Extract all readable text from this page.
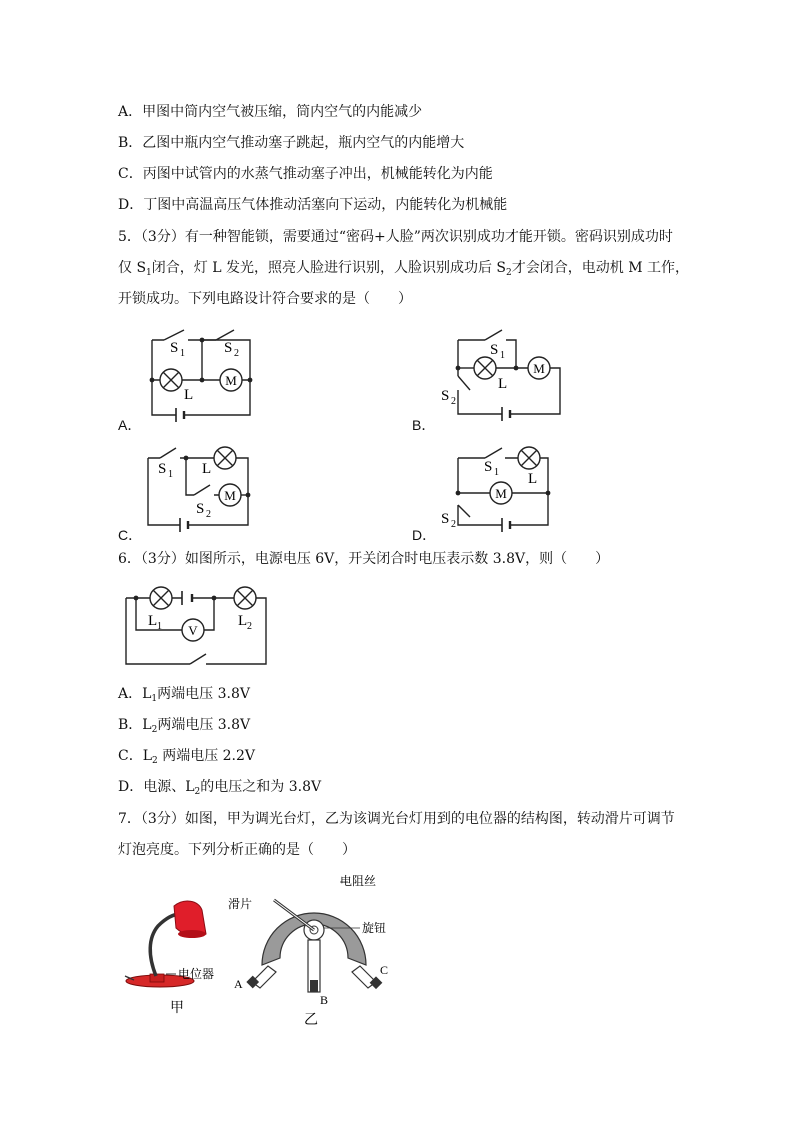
A．甲图中筒内空气被压缩，筒内空气的内能减少
B．乙图中瓶内空气推动塞子跳起，瓶内空气的内能增大
C．丙图中试管内的水蒸气推动塞子冲出，机械能转化为内能
D．丁图中高温高压气体推动活塞向下运动，内能转化为机械能
5．（3分）有一种智能锁，需要通过“密码+人脸”两次识别成功才能开锁。密码识别成功时
仅 $S_1$闭合，灯 L 发光，照亮人脸进行识别，人脸识别成功后 $S_2$才会闭合，电动机 M 工作，
开锁成功。下列电路设计符合要求的是（　　）
A．	B．
C．	D．
M
S 1	S 2
L
M
S 1
S 2
L
M
S 1
S 2
L
M
S 1
S 2
L
6．（3分）如图所示，电源电压 6V，开关闭合时电压表示数 3.8V，则（　　）
V
L 1	L 2
A．$L_1$两端电压 3.8V
B．$L_2$两端电压 3.8V
C．$L_2$ 两端电压 2.2V
D．电源、$L_2$的电压之和为 3.8V
7．（3分）如图，甲为调光台灯，乙为该调光台灯用到的电位器的结构图，转动滑片可调节
灯泡亮度。下列分析正确的是（　　）
电位器
甲
电阻丝
滑片
旋钮
A
B
C
乙
